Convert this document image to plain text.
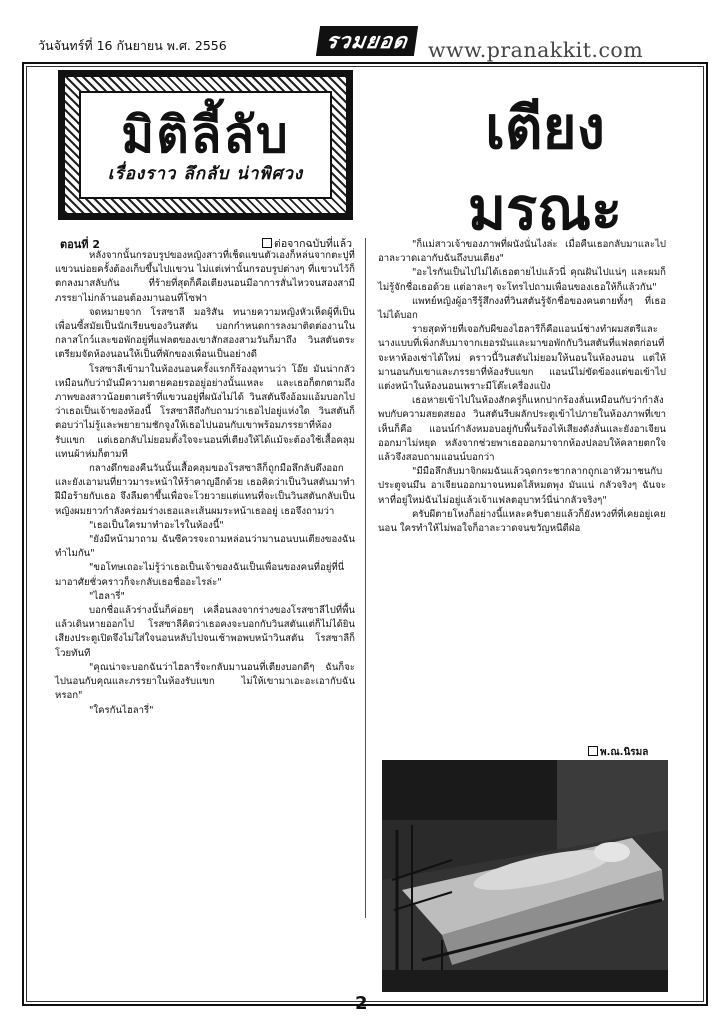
วันจันทร์ที่ 16 กันยายน พ.ศ. 2556	รวมยอด www.pranakkit.com
มิติลี้ลับ
เรื่องราว ลึกลับ น่าพิศวง
เตียง
มรณะ
ตอนที่ 2	ต่อจากฉบับที่แล้ว

หลังจากนั้นกรอบรูปของหญิงสาวที่เช็ดแขนตัวเองก็หล่นจากตะปูที่แขวนบ่อยครั้งต้องเก็บขึ้นไปแขวน ไม่แต่เท่านั้นกรอบรูปต่างๆ ที่แขวนไว้ก็ตกลงมาสลับกัน ที่ร้ายที่สุดก็คือเตียงนอนมีอาการสั่นไหวจนสองสามีภรรยาไม่กล้านอนต้องมานอนที่โซฟา

จดหมายจาก โรสซาลี มอริสัน ทนายความหญิงหัวเห็ดผู้ที่เป็นเพื่อนซี้สมัยเป็นนักเรียนของวินสตัน บอกกำหนดการลงมาติดต่องานในกลาสโกว์และขอพักอยู่ที่แฟลตของเขาสักสองสามวันก็มาถึง วินสตันตระเตรียมจัดห้องนอนให้เป็นที่พักของเพื่อนเป็นอย่างดี

โรสซาลีเข้ามาในห้องนอนครั้งแรกก็ร้องอุทานว่า โอ๊ย มันน่ากลัวเหมือนกับว่ามันมีความตายคอยรออยู่อย่างนั้นแหละ และเธอก็ตกตามถึงภาพของสาวน้อยตาเศร้าที่แขวนอยู่ที่ผนังไม่ได้ วินสตันจึงอ้อมแอ้มบอกไปว่าเธอเป็นเจ้าของห้องนี้ โรสซาลีถึงกับถามว่าเธอไปอยู่แห่งใด วินสตันก็ตอบว่าไม่รู้และพยายามชักจูงให้เธอไปนอนกับเขาพร้อมภรรยาที่ห้องรับแขก แต่เธอกลับไม่ยอมตั้งใจจะนอนที่เตียงให้ได้แม้จะต้องใช้เสื้อคลุมแทนผ้าห่มก็ตามที

กลางดึกของคืนวันนั้นเสื้อคลุมของโรสซาลีก็ถูกมือลึกลับดึงออกและยังเอามนที่ยาวมาระหน้าให้ร้าคาญอีกด้วย เธอคิดว่าเป็นวินสตันมาทำฝีมือร้ายกับเธอ จึงลืมตาขึ้นเพื่อจะโวยวายแต่แทนที่จะเป็นวินสตันกลับเป็นหญิงผมยาวกำลังคร่อมร่างเธอและเส้นผมระหน้าเธออยู่ เธอจึงถามว่า

"เธอเป็นใครมาทำอะไรในห้องนี้"

"ยังมีหน้ามาถาม ฉันซีควรจะถามหล่อนว่ามานอนบนเตียงของฉันทำไมกัน"

"ขอโทษเถอะไม่รู้ว่าเธอเป็นเจ้าของฉันเป็นเพื่อนของคนที่อยู่ที่นี่มาอาศัยชั่วคราวก็จะกลับเธอชื่ออะไรล่ะ"

"ไฮลารี่"

บอกชื่อแล้วร่างนั้นก็ค่อยๆ เคลื่อนลงจากร่างของโรสซาลีไปที่พื้นแล้วเดินหายออกไป โรสซาลีคิดว่าเธอคงจะบอกกับวินสตันแต่ก็ไม่ได้ยินเสียงประตูเปิดจึงไม่ใส่ใจนอนหลับไปจนเช้าพอพบหน้าวินสตัน โรสซาลีก็โวยทันที

"คุณน่าจะบอกฉันว่าไฮลารี่จะกลับมานอนที่เตียงบอกดีๆ ฉันก็จะไปนอนกับคุณและภรรยาในห้องรับแขก ไม่ให้เขามาเอะอะเอากับฉันหรอก"

"ใครกันไฮลารี่"

"ก็แม่สาวเจ้าของภาพที่ผนังนั่นไงล่ะ เมื่อคืนเธอกลับมาและไปอาละวาดเอากับฉันถึงบนเตียง"

"อะไรกันเป็นไปไม่ได้เธอตายไปแล้วนี่ คุณฝันไปแน่ๆ และผมก็ไม่รู้จักชื่อเธอด้วย แต่อาละๆ จะโทรไปถามเพื่อนของเธอให้ก็แล้วกัน"

แพทย์หญิงผู้อารีรู้สึกงงที่วินสตันรู้จักชื่อของคนตายทั้งๆ ที่เธอไม่ได้บอก

รายสุดท้ายที่เจอกับผีของไฮลารีก็คือแอนน์ช่างทำผมสตรีและนางแบบที่เพิ่งกลับมาจากเยอรมันและมาขอพักกับวินสตันที่แฟลตก่อนที่จะหาห้องเช่าได้ใหม่ คราวนี้วินสตันไม่ยอมให้นอนในห้องนอน แต่ให้มานอนกับเขาและภรรยาที่ห้องรับแขก แอนน์ไม่ขัดข้องแต่ขอเข้าไปแต่งหน้าในห้องนอนเพราะมีโต๊ะเครื่องแป้ง

เธอหายเข้าไปในห้องสักครู่ก็แหกปากร้องลั่นเหมือนกับว่ากำลังพบกับความสยดสยอง วินสตันรีบผลักประตูเข้าไปภายในห้องภาพที่เขาเห็นก็คือ แอนน์กำลังหมอบอยู่กับพื้นร้องไห้เสียงดังลั่นและยังอาเจียนออกมาไม่หยุด หลังจากช่วยพาเธอออกมาจากห้องปลอบให้คลายตกใจแล้วจึงสอบถามแอนน์บอกว่า

"มีมือลึกลับมาจิกผมฉันแล้วฉุดกระชากลากถูกเอาหัวมาชนกับประตูจนมึน อาเจียนออกมาจนหมดไส้หมดพุง มันแน่ กลัวจริงๆ ฉันจะหาที่อยู่ใหม่ฉันไม่อยู่แล้วเจ้าแฟลตอุบาทว์นี่น่ากลัวจริงๆ"

ครับผีตายโหงก็อย่างนี้แหละครับตายแล้วก็ยังหวงที่ที่เคยอยู่เคยนอน ใครทำให้ไม่พอใจก็อาละวาดจนขวัญหนีดีฝ่อ

พ.ณ.นิรมล
2
